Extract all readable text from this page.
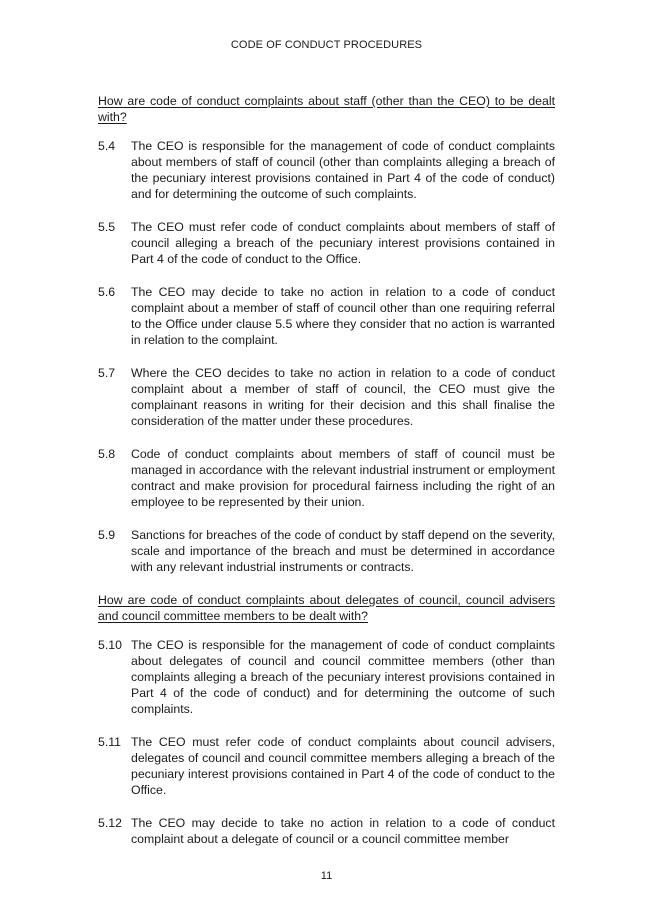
CODE OF CONDUCT PROCEDURES
How are code of conduct complaints about staff (other than the CEO) to be dealt with?
5.4	The CEO is responsible for the management of code of conduct complaints about members of staff of council (other than complaints alleging a breach of the pecuniary interest provisions contained in Part 4 of the code of conduct) and for determining the outcome of such complaints.
5.5	The CEO must refer code of conduct complaints about members of staff of council alleging a breach of the pecuniary interest provisions contained in Part 4 of the code of conduct to the Office.
5.6	The CEO may decide to take no action in relation to a code of conduct complaint about a member of staff of council other than one requiring referral to the Office under clause 5.5 where they consider that no action is warranted in relation to the complaint.
5.7	Where the CEO decides to take no action in relation to a code of conduct complaint about a member of staff of council, the CEO must give the complainant reasons in writing for their decision and this shall finalise the consideration of the matter under these procedures.
5.8	Code of conduct complaints about members of staff of council must be managed in accordance with the relevant industrial instrument or employment contract and make provision for procedural fairness including the right of an employee to be represented by their union.
5.9	Sanctions for breaches of the code of conduct by staff depend on the severity, scale and importance of the breach and must be determined in accordance with any relevant industrial instruments or contracts.
How are code of conduct complaints about delegates of council, council advisers and council committee members to be dealt with?
5.10 The CEO is responsible for the management of code of conduct complaints about delegates of council and council committee members (other than complaints alleging a breach of the pecuniary interest provisions contained in Part 4 of the code of conduct) and for determining the outcome of such complaints.
5.11 The CEO must refer code of conduct complaints about council advisers, delegates of council and council committee members alleging a breach of the pecuniary interest provisions contained in Part 4 of the code of conduct to the Office.
5.12 The CEO may decide to take no action in relation to a code of conduct complaint about a delegate of council or a council committee member
11
